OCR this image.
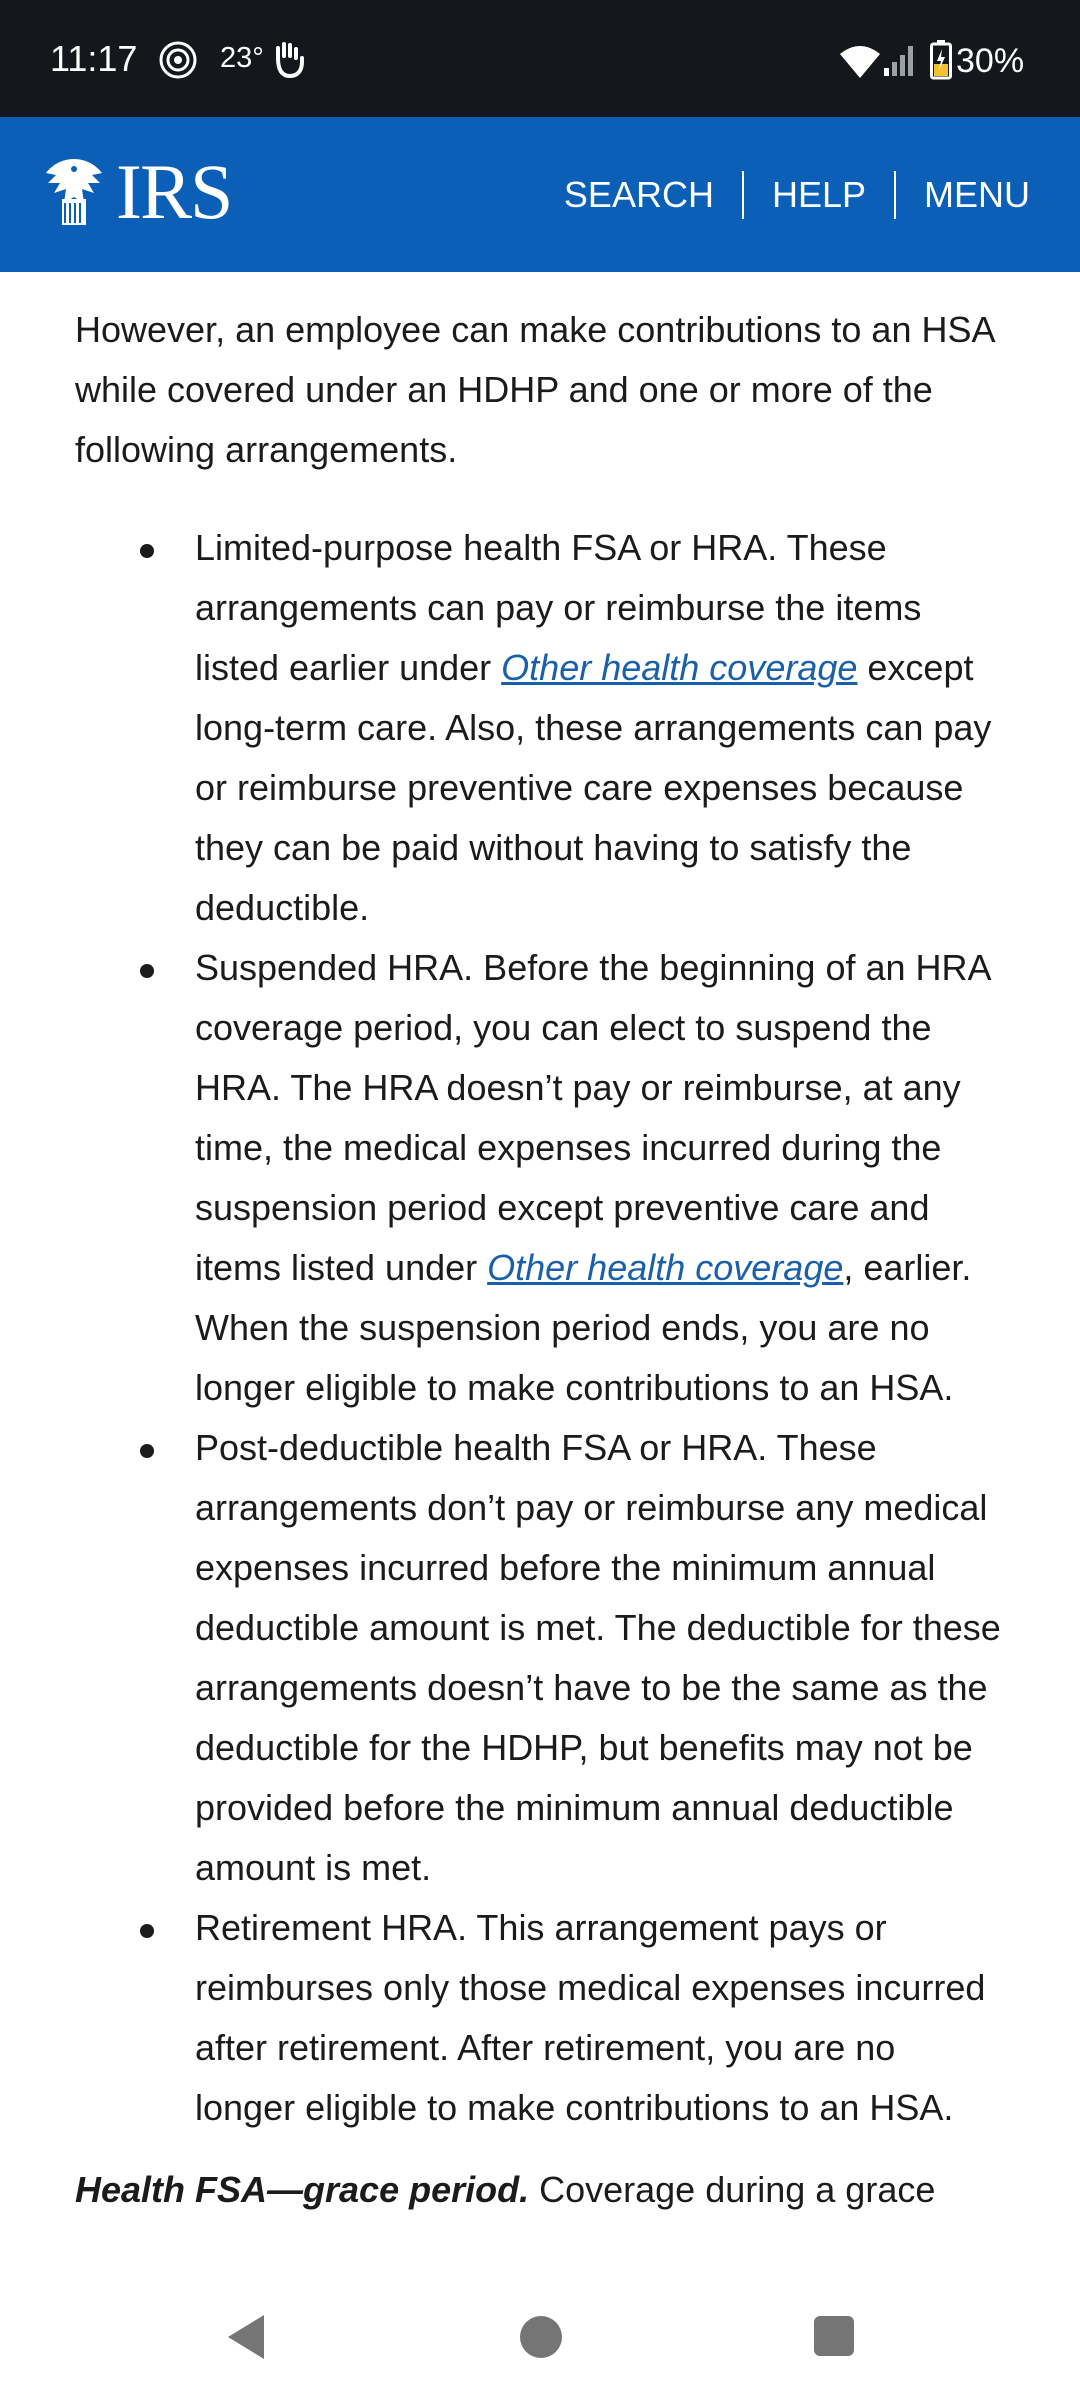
11:17	23°	30%
IRS	SEARCH	HELP	MENU

However, an employee can make contributions to an HSA while covered under an HDHP and one or more of the following arrangements.

Limited-purpose health FSA or HRA. These arrangements can pay or reimburse the items listed earlier under Other health coverage except long-term care. Also, these arrangements can pay or reimburse preventive care expenses because they can be paid without having to satisfy the deductible.
Suspended HRA. Before the beginning of an HRA coverage period, you can elect to suspend the HRA. The HRA doesn’t pay or reimburse, at any time, the medical expenses incurred during the suspension period except preventive care and items listed under Other health coverage, earlier. When the suspension period ends, you are no longer eligible to make contributions to an HSA.
Post-deductible health FSA or HRA. These arrangements don’t pay or reimburse any medical expenses incurred before the minimum annual deductible amount is met. The deductible for these arrangements doesn’t have to be the same as the deductible for the HDHP, but benefits may not be provided before the minimum annual deductible amount is met.
Retirement HRA. This arrangement pays or reimburses only those medical expenses incurred after retirement. After retirement, you are no longer eligible to make contributions to an HSA.

Health FSA—grace period. Coverage during a grace
